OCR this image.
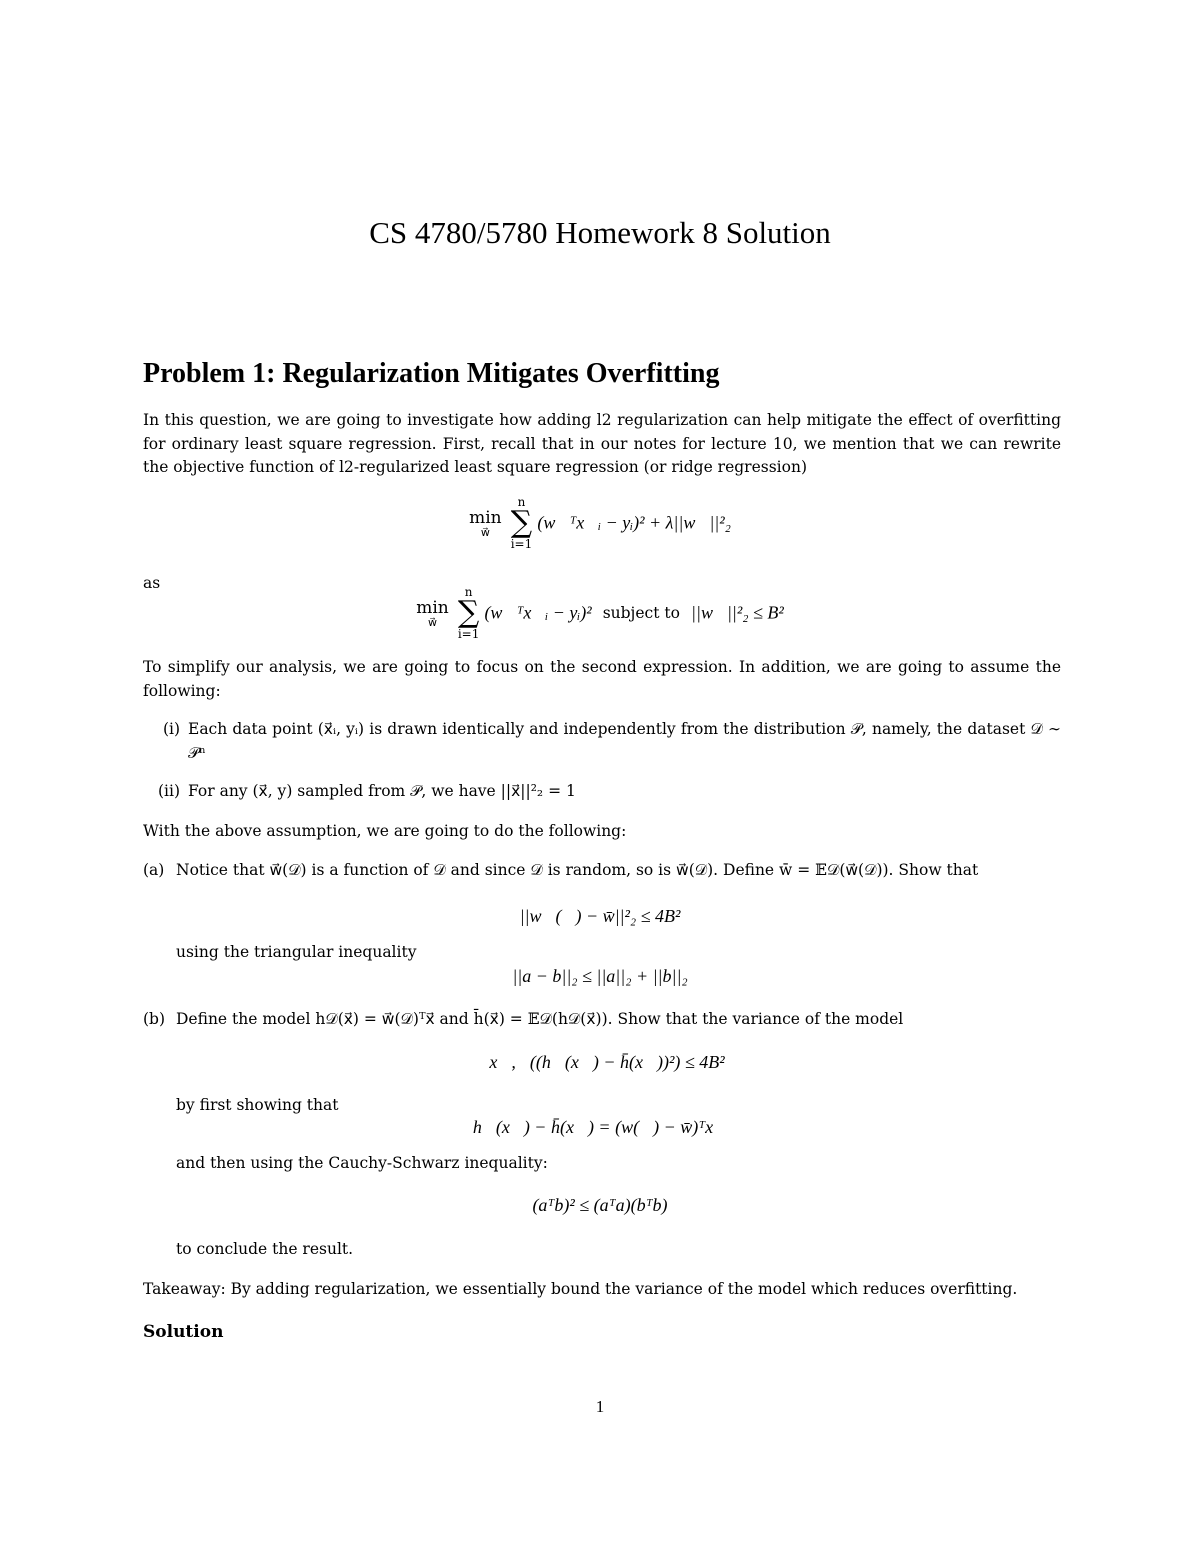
CS 4780/5780 Homework 8 Solution
Problem 1: Regularization Mitigates Overfitting
In this question, we are going to investigate how adding l2 regularization can help mitigate the effect of overfitting for ordinary least square regression. First, recall that in our notes for lecture 10, we mention that we can rewrite the objective function of l2-regularized least square regression (or ridge regression)
min
w⃗

n
∑
i=1
(w⃗ᵀx⃗ᵢ − yᵢ)² + λ||w⃗||²₂
as
min
w⃗

n
∑
i=1
(w⃗ᵀx⃗ᵢ − yᵢ)² subject to ||w⃗||²₂ ≤ B²
To simplify our analysis, we are going to focus on the second expression. In addition, we are going to assume the following:
(i) Each data point (x⃗ᵢ, yᵢ) is drawn identically and independently from the distribution 𝒫, namely, the dataset 𝒟 ∼ 𝒫ⁿ
(ii) For any (x⃗, y) sampled from 𝒫, we have ||x⃗||²₂ = 1
With the above assumption, we are going to do the following:
(a) Notice that w⃗(𝒟) is a function of 𝒟 and since 𝒟 is random, so is w⃗(𝒟). Define w̄ = 𝔼𝒟(w⃗(𝒟)). Show that
||w⃗(𝒟) − w̄||²₂ ≤ 4B²
using the triangular inequality
||a − b||₂ ≤ ||a||₂ + ||b||₂
(b) Define the model h𝒟(x⃗) = w⃗(𝒟)ᵀx⃗ and h̄(x⃗) = 𝔼𝒟(h𝒟(x⃗)). Show that the variance of the model
𝔼x⃗,𝒟((h𝒟(x⃗) − h̄(x⃗))²) ≤ 4B²
by first showing that
h𝒟(x⃗) − h̄(x⃗) = (w(𝒟) − w̄)ᵀx⃗
and then using the Cauchy-Schwarz inequality:
(aᵀb)² ≤ (aᵀa)(bᵀb)
to conclude the result.
Takeaway: By adding regularization, we essentially bound the variance of the model which reduces overfitting.
Solution
1
